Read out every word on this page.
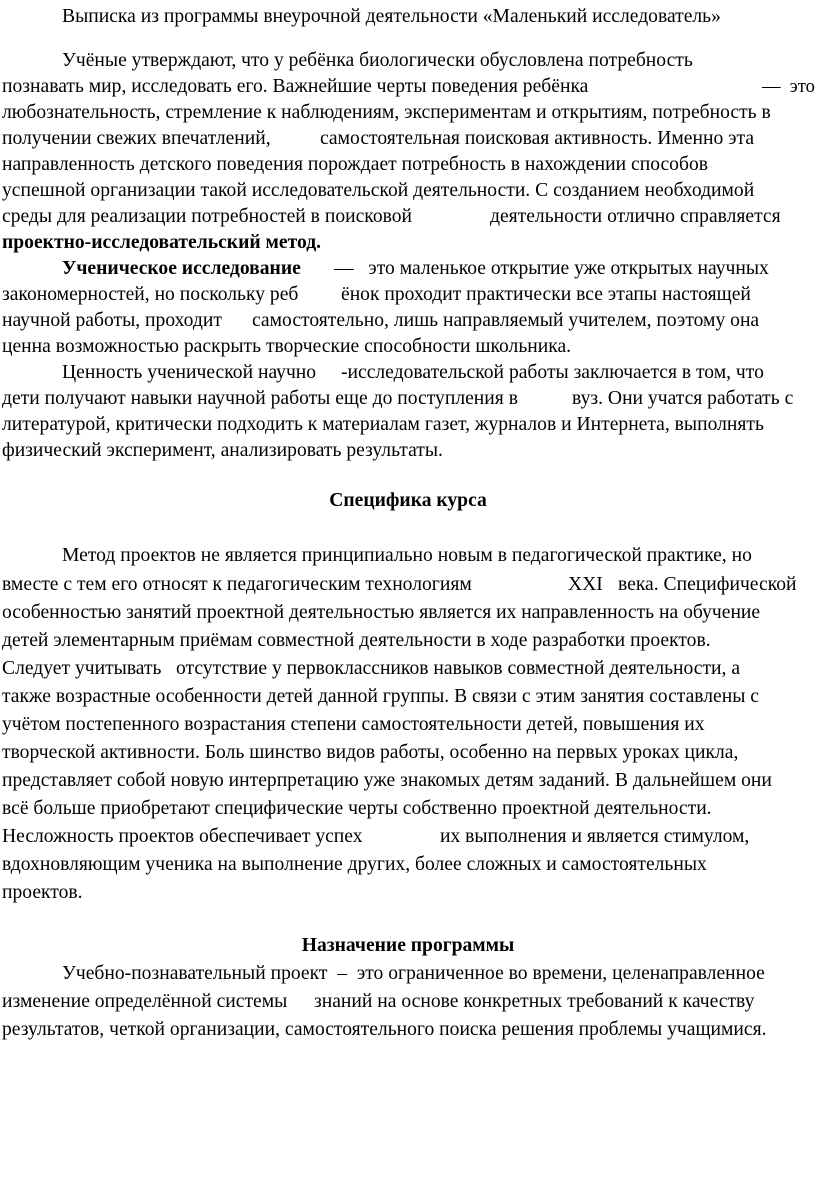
Выписка из программы внеурочной деятельности «Маленький исследователь»
Учёные утверждают, что у ребёнка биологически обусловлена потребность
познавать мир, исследовать его. Важнейшие черты поведения ребёнка	—  это
любознательность, стремление к наблюдениям, экспериментам и открытиям, потребность в
получении свежих впечатлений,	самостоятельная поисковая активность. Именно эта
направленность детского поведения порождает потребность в нахождении способов
успешной организации такой исследовательской деятельности. С созданием необходимой
среды для реализации потребностей в поисковой	деятельности отлично справляется
проектно-исследовательский метод.
Ученическое исследование —   это маленькое открытие уже открытых научных
закономерностей, но поскольку реб ёнок проходит практически все этапы настоящей
научной работы, проходит самостоятельно, лишь направляемый учителем, поэтому она
ценна возможностью раскрыть творческие способности школьника.
Ценность ученической научно -исследовательской работы заключается в том, что
дети получают навыки научной работы еще до поступления в	вуз. Они учатся работать с
литературой, критически подходить к материалам газет, журналов и Интернета, выполнять
физический эксперимент, анализировать результаты.
Специфика курса
Метод проектов не является принципиально новым в педагогической практике, но
вместе с тем его относят к педагогическим технологиям	XXI века. Специфической
особенностью занятий проектной деятельностью является их направленность на обучение
детей элементарным приёмам совместной деятельности в ходе разработки проектов.
Следует учитывать отсутствие у первоклассников навыков совместной деятельности, а
также возрастные особенности детей данной группы. В связи с этим занятия составлены с
учётом постепенного возрастания степени самостоятельности детей, повышения их
творческой активности. Боль шинство видов работы, особенно на первых уроках цикла,
представляет собой новую интерпретацию уже знакомых детям заданий. В дальнейшем они
всё больше приобретают специфические черты собственно проектной деятельности.
Несложность проектов обеспечивает успех	их выполнения и является стимулом,
вдохновляющим ученика на выполнение других, более сложных и самостоятельных
проектов.
Назначение программы
Учебно-познавательный проект  –  это ограниченное во времени, целенаправленное
изменение определённой системы знаний на основе конкретных требований к качеству
результатов, четкой организации, самостоятельного поиска решения проблемы учащимися.
